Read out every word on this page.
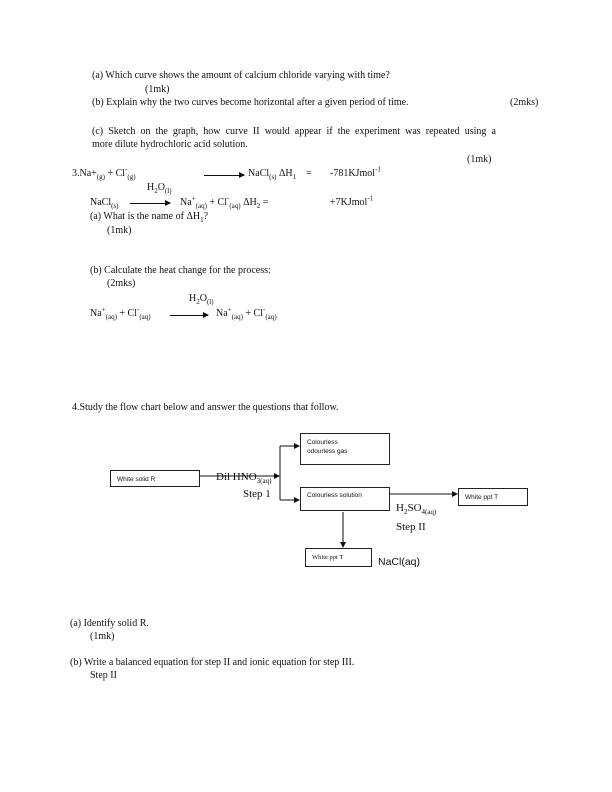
(a) Which curve shows the amount of calcium chloride varying with time?
(1mk)
(b) Explain why the two curves become horizontal after a given period of time.	(2mks)
(c) Sketch on the graph, how curve II would appear if the experiment was repeated using a
more dilute hydrochloric acid solution.
(1mk)
$3.Na+_{(g)} + Cl^-_{(g)}$	→ NaCl$_{(s)}$ $\Delta H_1$ = -781KJmol$^{-1}$
$H_2O_{(l)}$
NaCl$_{(s)}$ → $Na^+_{(aq)} + Cl^-_{(aq)}$ $\Delta H_2$ =	+7KJmol$^{-1}$
(a) What is the name of $\Delta H_1$?
(1mk)
(b) Calculate the heat change for the process:
(2mks)
$H_2O_{(l)}$
$Na^+_{(aq)} + Cl^-_{(aq)} \to Na^+_{(aq)} + Cl^-_{(aq)}$
4.Study the flow chart below and answer the questions that follow.
White solid R
Colourless
odourless gas
Colourless solution	White ppt T
White ppt T
Dil $HNO_{3(aq)}$
Step 1
$H_2SO_{4(aq)}$
Step II
NaCl(aq)
(a) Identify solid R.
(1mk)
(b) Write a balanced equation for step II and ionic equation for step III.
Step II
